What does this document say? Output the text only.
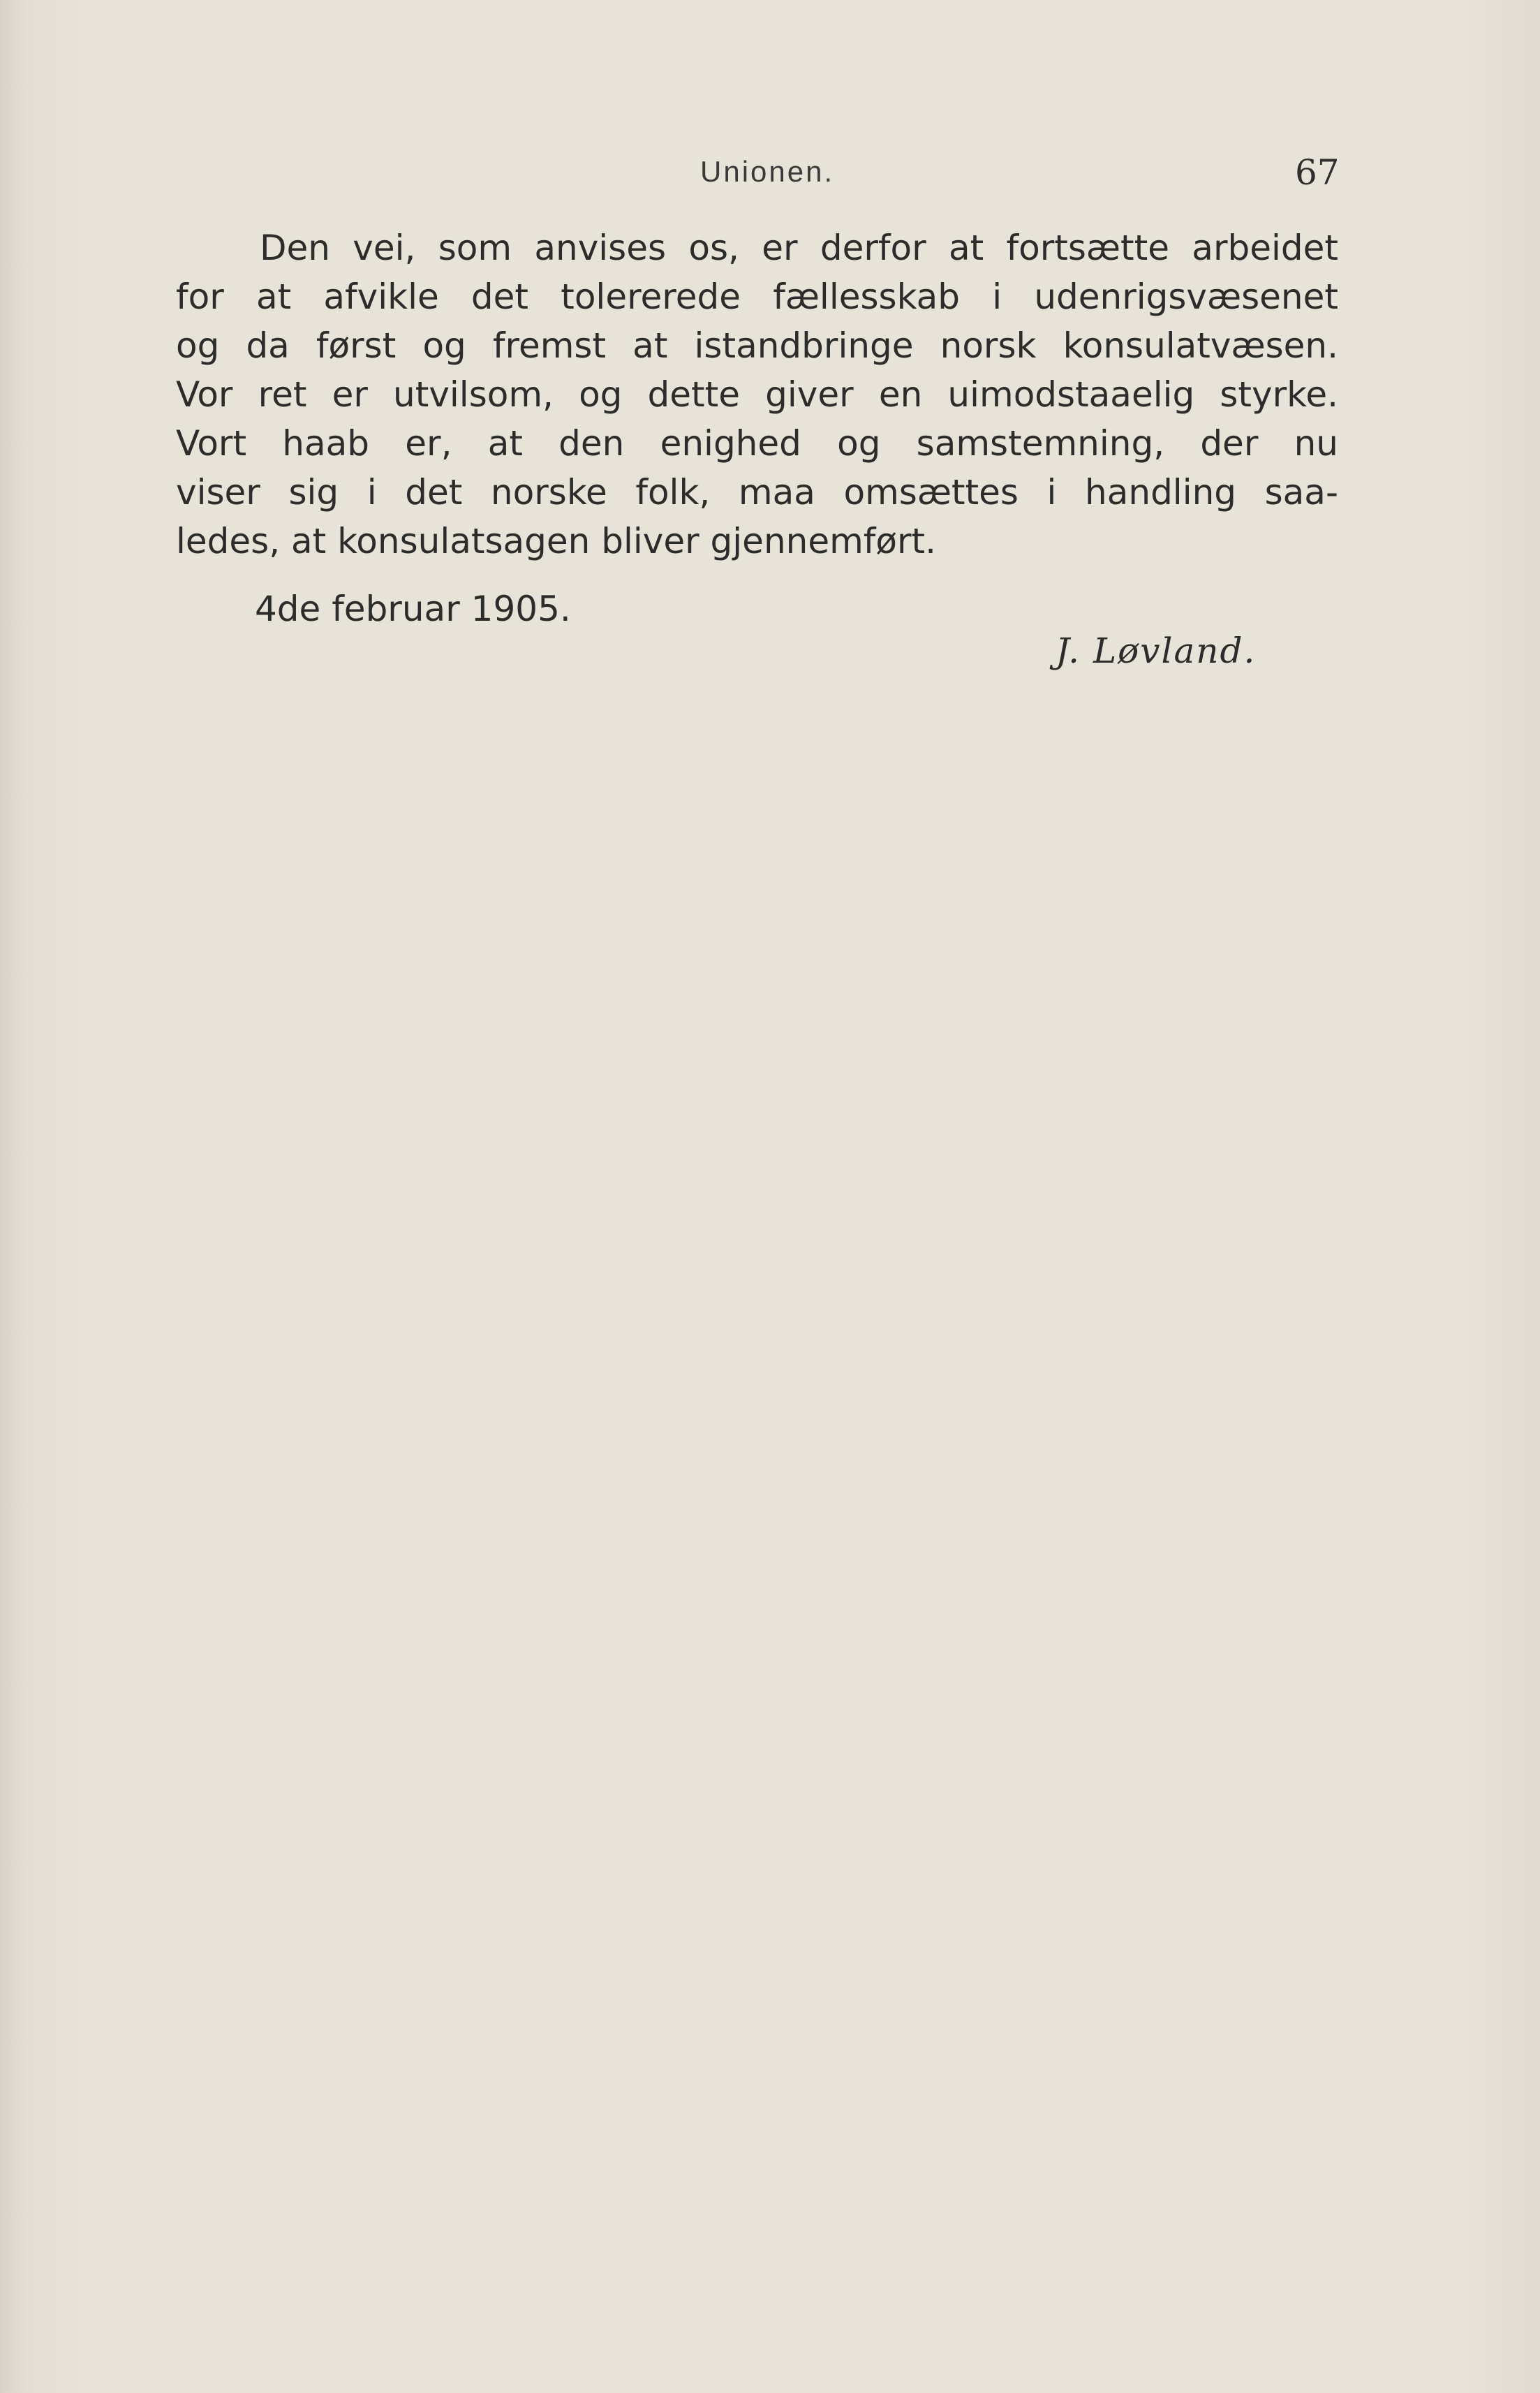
Unionen.	67
Den vei, som anvises os, er derfor at fortsætte arbeidet
for at afvikle det tolererede fællesskab i udenrigsvæsenet
og da først og fremst at istandbringe norsk konsulatvæsen.
Vor ret er utvilsom, og dette giver en uimodstaaelig styrke.
Vort haab er, at den enighed og samstemning, der nu
viser sig i det norske folk, maa omsættes i handling saa-
ledes, at konsulatsagen bliver gjennemført.
4de februar 1905.
J. Løvland.
